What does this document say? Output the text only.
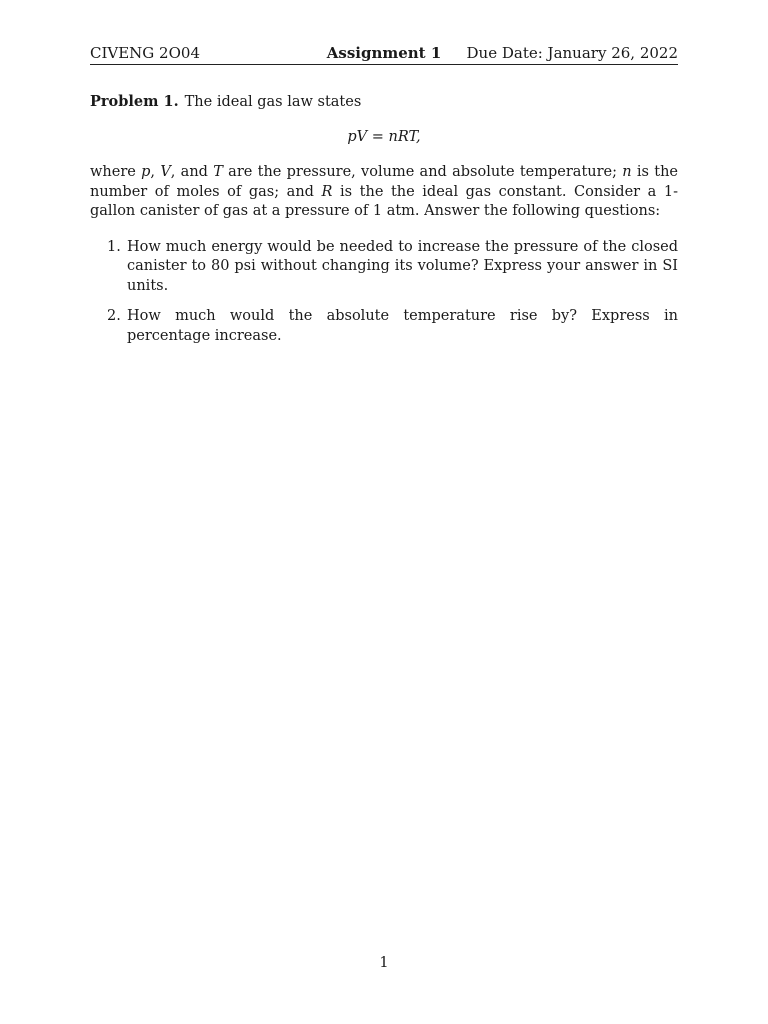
CIVENG 2O04	Assignment 1	Due Date: January 26, 2022

Problem 1. The ideal gas law states

pV = nRT,

where p, V, and T are the pressure, volume and absolute temperature; n is the number of moles of gas; and R is the the ideal gas constant. Consider a 1-gallon canister of gas at a pressure of 1 atm. Answer the following questions:

1. How much energy would be needed to increase the pressure of the closed canister to 80 psi without changing its volume? Express your answer in SI units.
2. How much would the absolute temperature rise by? Express in percentage increase.
1
